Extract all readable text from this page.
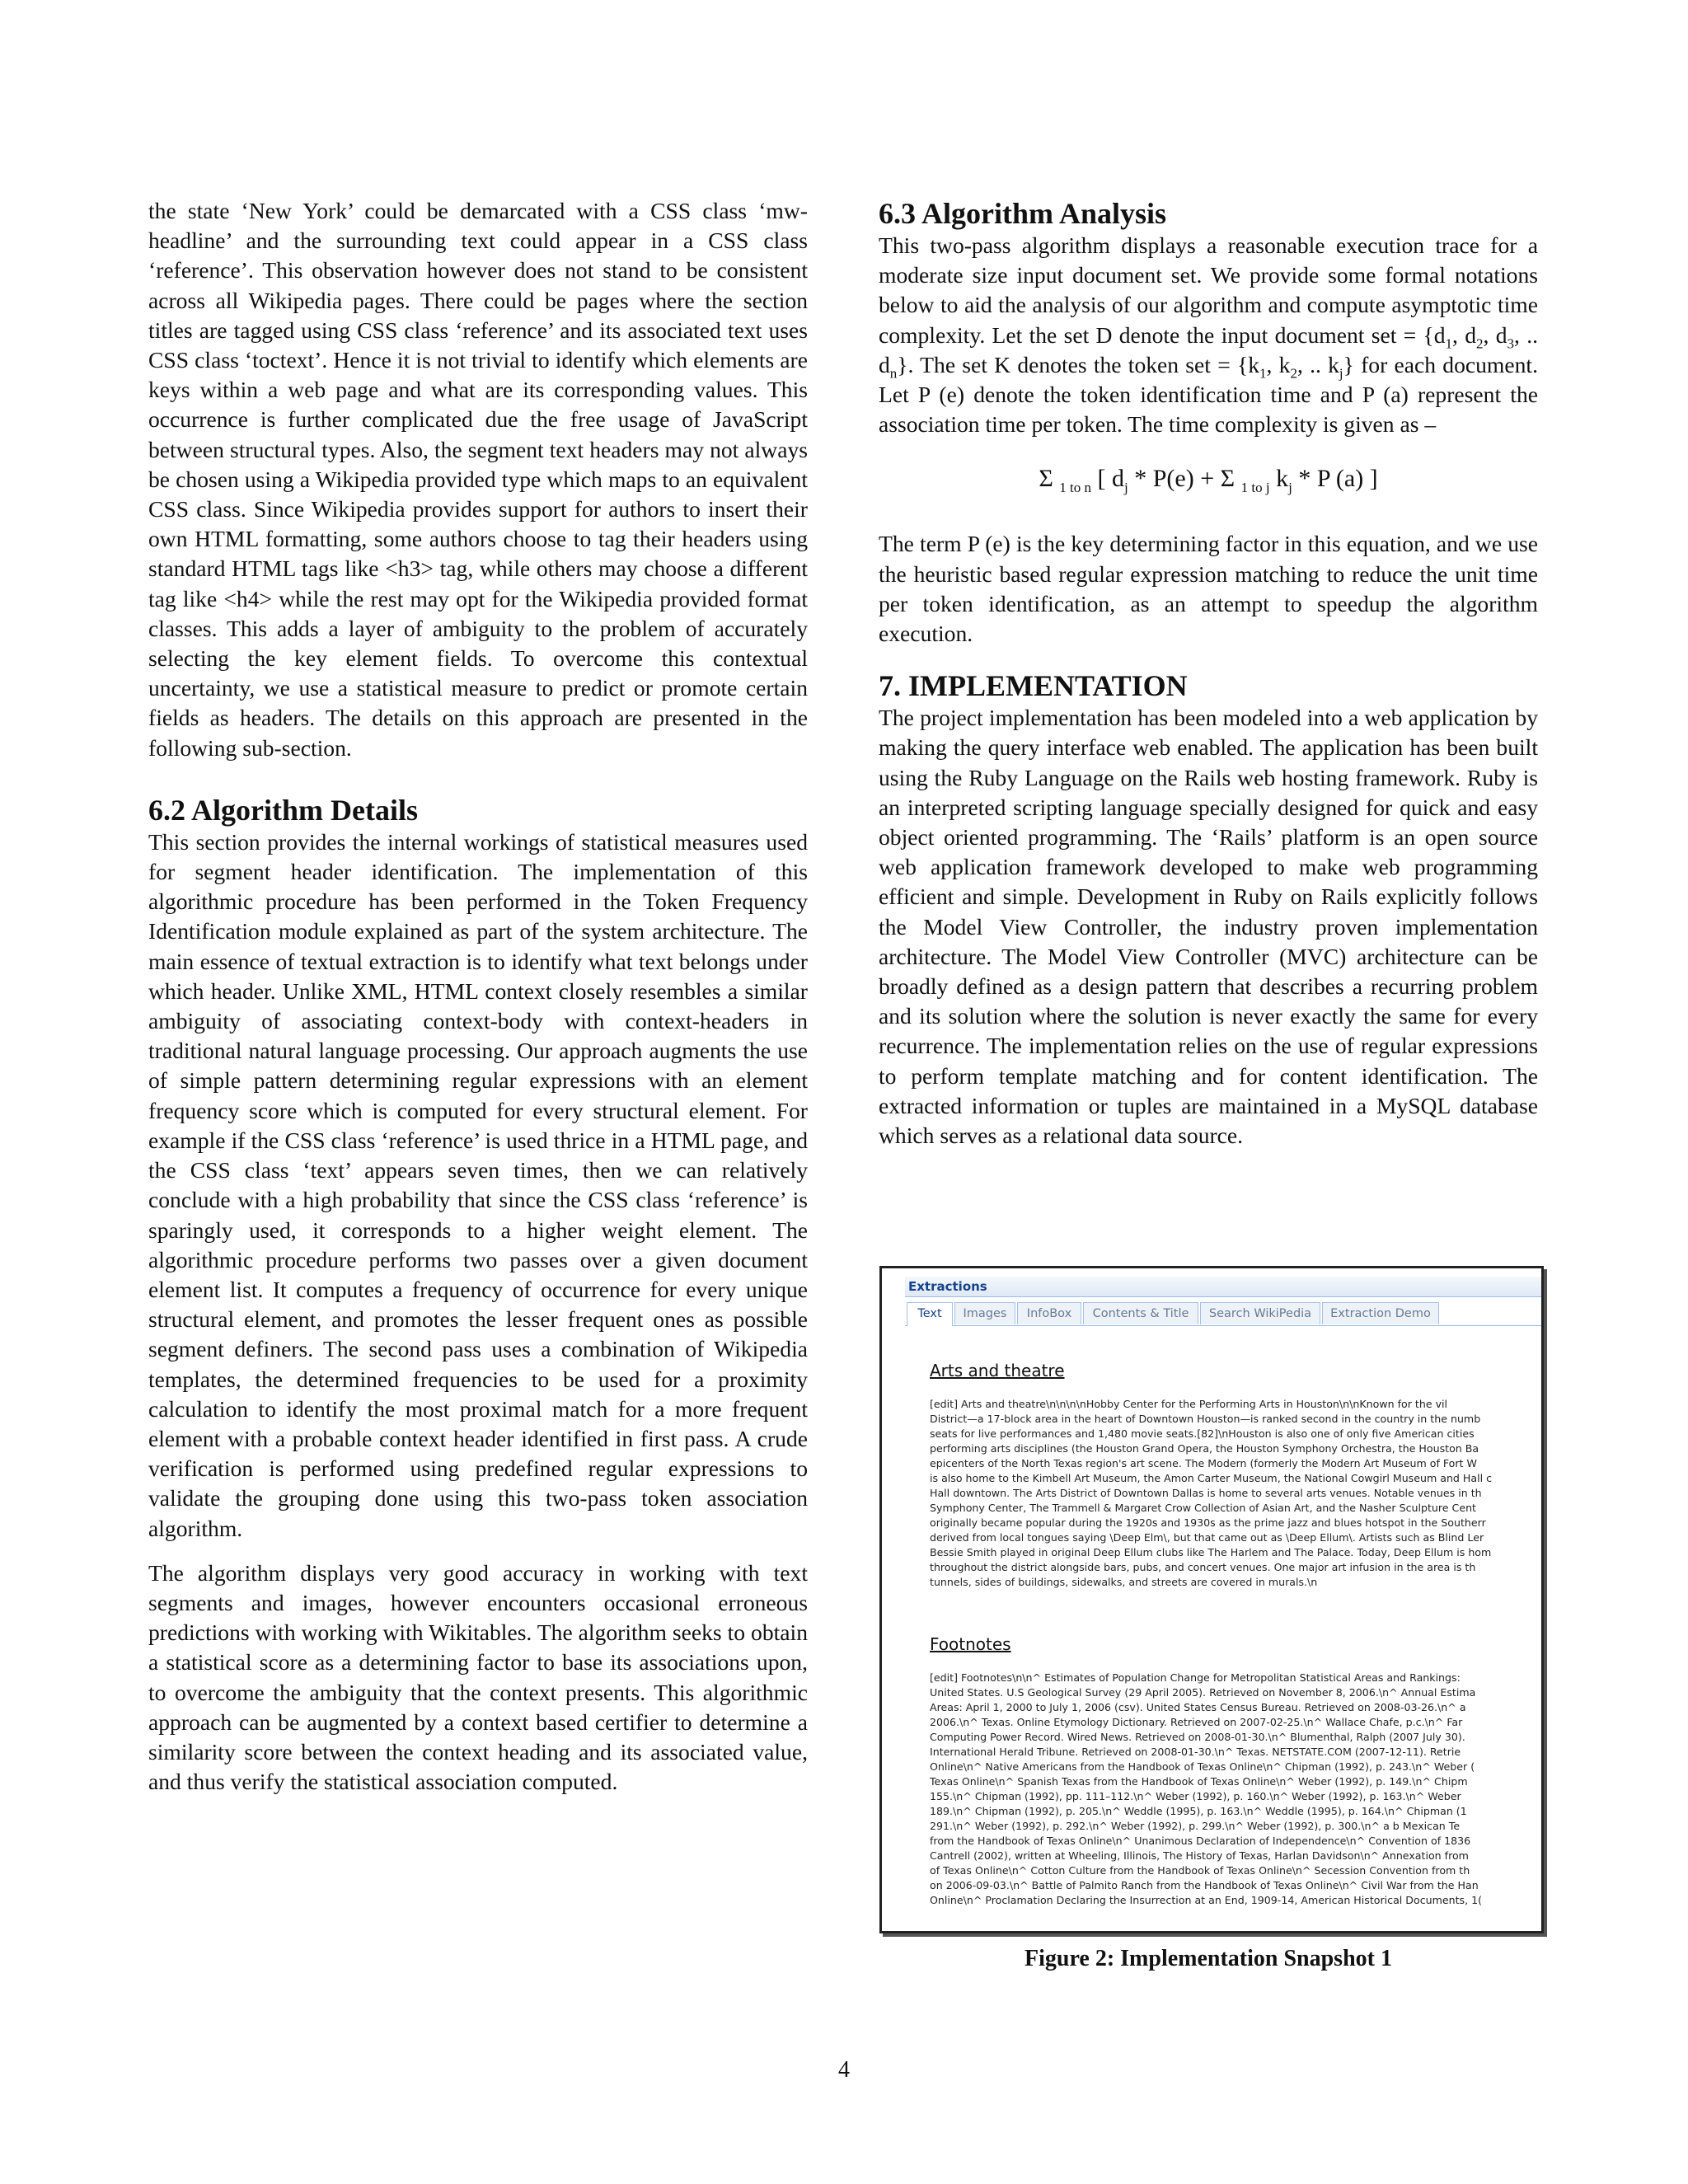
the state ‘New York’ could be demarcated with a CSS class ‘mw-headline’ and the surrounding text could appear in a CSS class ‘reference’. This observation however does not stand to be consistent across all Wikipedia pages. There could be pages where the section titles are tagged using CSS class ‘reference’ and its associated text uses CSS class ‘toctext’. Hence it is not trivial to identify which elements are keys within a web page and what are its corresponding values. This occurrence is further complicated due the free usage of JavaScript between structural types. Also, the segment text headers may not always be chosen using a Wikipedia provided type which maps to an equivalent CSS class. Since Wikipedia provides support for authors to insert their own HTML formatting, some authors choose to tag their headers using standard HTML tags like <h3> tag, while others may choose a different tag like <h4> while the rest may opt for the Wikipedia provided format classes. This adds a layer of ambiguity to the problem of accurately selecting the key element fields. To overcome this contextual uncertainty, we use a statistical measure to predict or promote certain fields as headers. The details on this approach are presented in the following sub-section.

6.2 Algorithm Details

This section provides the internal workings of statistical measures used for segment header identification. The implementation of this algorithmic procedure has been performed in the Token Frequency Identification module explained as part of the system architecture. The main essence of textual extraction is to identify what text belongs under which header. Unlike XML, HTML context closely resembles a similar ambiguity of associating context-body with context-headers in traditional natural language processing. Our approach augments the use of simple pattern determining regular expressions with an element frequency score which is computed for every structural element. For example if the CSS class ‘reference’ is used thrice in a HTML page, and the CSS class ‘text’ appears seven times, then we can relatively conclude with a high probability that since the CSS class ‘reference’ is sparingly used, it corresponds to a higher weight element. The algorithmic procedure performs two passes over a given document element list. It computes a frequency of occurrence for every unique structural element, and promotes the lesser frequent ones as possible segment definers. The second pass uses a combination of Wikipedia templates, the determined frequencies to be used for a proximity calculation to identify the most proximal match for a more frequent element with a probable context header identified in first pass. A crude verification is performed using predefined regular expressions to validate the grouping done using this two-pass token association algorithm.

The algorithm displays very good accuracy in working with text segments and images, however encounters occasional erroneous predictions with working with Wikitables. The algorithm seeks to obtain a statistical score as a determining factor to base its associations upon, to overcome the ambiguity that the context presents. This algorithmic approach can be augmented by a context based certifier to determine a similarity score between the context heading and its associated value, and thus verify the statistical association computed.

6.3 Algorithm Analysis

This two-pass algorithm displays a reasonable execution trace for a moderate size input document set. We provide some formal notations below to aid the analysis of our algorithm and compute asymptotic time complexity. Let the set D denote the input document set = {$d_1$, $d_2$, $d_3$, .. $d_n$}. The set K denotes the token set = {$k_1$, $k_2$, .. $k_j$} for each document. Let P (e) denote the token identification time and P (a) represent the association time per token. The time complexity is given as –

Σ $_{1 to n}$ [ $d_j * P(e) + \Sigma$ $_{1 to j}$ $k_j$ * P (a) ]

The term P (e) is the key determining factor in this equation, and we use the heuristic based regular expression matching to reduce the unit time per token identification, as an attempt to speedup the algorithm execution.

7. IMPLEMENTATION

The project implementation has been modeled into a web application by making the query interface web enabled. The application has been built using the Ruby Language on the Rails web hosting framework. Ruby is an interpreted scripting language specially designed for quick and easy object oriented programming. The ‘Rails’ platform is an open source web application framework developed to make web programming efficient and simple. Development in Ruby on Rails explicitly follows the Model View Controller, the industry proven implementation architecture. The Model View Controller (MVC) architecture can be broadly defined as a design pattern that describes a recurring problem and its solution where the solution is never exactly the same for every recurrence. The implementation relies on the use of regular expressions to perform template matching and for content identification. The extracted information or tuples are maintained in a MySQL database which serves as a relational data source.

Extractions
Text	Images	InfoBox	Contents & Title	Search WikiPedia	Extraction Demo
Arts and theatre
[edit] Arts and theatre\n\n\n\nHobby Center for the Performing Arts in Houston\n\nKnown for the vil
District—a 17-block area in the heart of Downtown Houston—is ranked second in the country in the numb
seats for live performances and 1,480 movie seats.[82]\nHouston is also one of only five American cities
performing arts disciplines (the Houston Grand Opera, the Houston Symphony Orchestra, the Houston Ba
epicenters of the North Texas region's art scene. The Modern (formerly the Modern Art Museum of Fort W
is also home to the Kimbell Art Museum, the Amon Carter Museum, the National Cowgirl Museum and Hall c
Hall downtown. The Arts District of Downtown Dallas is home to several arts venues. Notable venues in th
Symphony Center, The Trammell & Margaret Crow Collection of Asian Art, and the Nasher Sculpture Cent
originally became popular during the 1920s and 1930s as the prime jazz and blues hotspot in the Southerr
derived from local tongues saying \Deep Elm\, but that came out as \Deep Ellum\. Artists such as Blind Ler
Bessie Smith played in original Deep Ellum clubs like The Harlem and The Palace. Today, Deep Ellum is hom
throughout the district alongside bars, pubs, and concert venues. One major art infusion in the area is th
tunnels, sides of buildings, sidewalks, and streets are covered in murals.\n
Footnotes
[edit] Footnotes\n\n^ Estimates of Population Change for Metropolitan Statistical Areas and Rankings:
United States. U.S Geological Survey (29 April 2005). Retrieved on November 8, 2006.\n^ Annual Estima
Areas: April 1, 2000 to July 1, 2006 (csv). United States Census Bureau. Retrieved on 2008-03-26.\n^ a
2006.\n^ Texas. Online Etymology Dictionary. Retrieved on 2007-02-25.\n^ Wallace Chafe, p.c.\n^ Far
Computing Power Record. Wired News. Retrieved on 2008-01-30.\n^ Blumenthal, Ralph (2007 July 30).
International Herald Tribune. Retrieved on 2008-01-30.\n^ Texas. NETSTATE.COM (2007-12-11). Retrie
Online\n^ Native Americans from the Handbook of Texas Online\n^ Chipman (1992), p. 243.\n^ Weber (
Texas Online\n^ Spanish Texas from the Handbook of Texas Online\n^ Weber (1992), p. 149.\n^ Chipm
155.\n^ Chipman (1992), pp. 111–112.\n^ Weber (1992), p. 160.\n^ Weber (1992), p. 163.\n^ Weber
189.\n^ Chipman (1992), p. 205.\n^ Weddle (1995), p. 163.\n^ Weddle (1995), p. 164.\n^ Chipman (1
291.\n^ Weber (1992), p. 292.\n^ Weber (1992), p. 299.\n^ Weber (1992), p. 300.\n^ a b Mexican Te
from the Handbook of Texas Online\n^ Unanimous Declaration of Independence\n^ Convention of 1836
Cantrell (2002), written at Wheeling, Illinois, The History of Texas, Harlan Davidson\n^ Annexation from
of Texas Online\n^ Cotton Culture from the Handbook of Texas Online\n^ Secession Convention from th
on 2006-09-03.\n^ Battle of Palmito Ranch from the Handbook of Texas Online\n^ Civil War from the Han
Online\n^ Proclamation Declaring the Insurrection at an End, 1909-14, American Historical Documents, 1(
Figure 2: Implementation Snapshot 1
4
